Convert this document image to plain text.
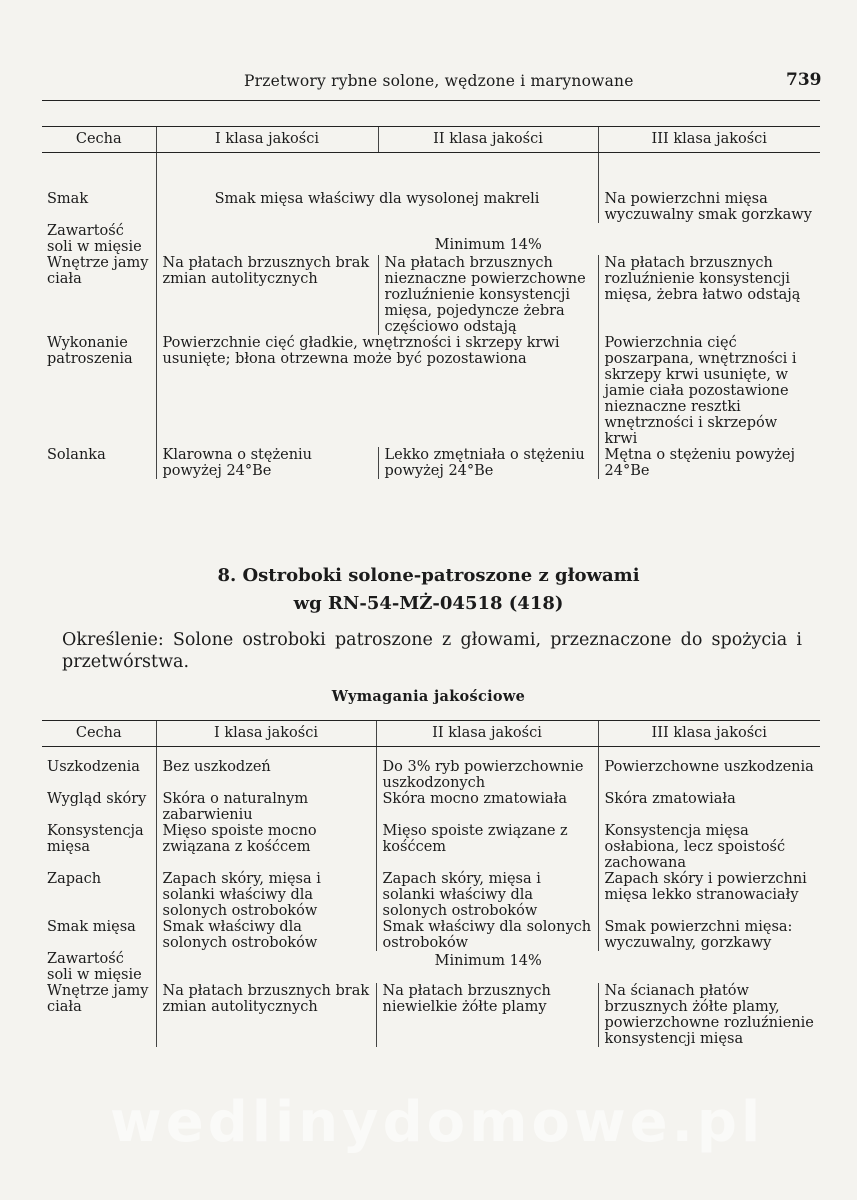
Przetwory rybne solone, wędzone i marynowane	739
Cecha	I klasa jakości	II klasa jakości	III klasa jakości
Smak	Smak mięsa właściwy dla wysolonej makreli		Na powierzchni mięsa wyczuwalny smak gorzkawy
Zawartość soli w mięsie	Minimum 14%		
Wnętrze jamy ciała	Na płatach brzusznych brak zmian autolitycznych	Na płatach brzusznych nieznaczne powierzchowne rozluźnienie konsystencji mięsa, pojedyncze żebra częściowo odstają	Na płatach brzusznych rozluźnienie konsystencji mięsa, żebra łatwo odstają
Wykonanie patroszenia	Powierzchnie cięć gładkie, wnętrzności i skrzepy krwi usunięte; błona otrzewna może być pozostawiona		Powierzchnia cięć poszarpana, wnętrzności i skrzepy krwi usunięte, w jamie ciała pozostawione nieznaczne resztki wnętrzności i skrzepów krwi
Solanka	Klarowna o stężeniu powyżej 24°Be	Lekko zmętniała o stężeniu powyżej 24°Be	Mętna o stężeniu powyżej 24°Be
8. Ostroboki solone-patroszone z głowami
wg RN-54-MŻ-04518 (418)
Określenie: Solone ostroboki patroszone z głowami, przeznaczone do spożycia i przetwórstwa.
Wymagania jakościowe
Cecha	I klasa jakości	II klasa jakości	III klasa jakości
Uszkodzenia	Bez uszkodzeń	Do 3% ryb powierzchownie uszkodzonych	Powierzchowne uszkodzenia
Wygląd skóry	Skóra o naturalnym zabarwieniu	Skóra mocno zmatowiała	Skóra zmatowiała
Konsystencja mięsa	Mięso spoiste mocno związana z kośćcem	Mięso spoiste związane z kośćcem	Konsystencja mięsa osłabiona, lecz spoistość zachowana
Zapach	Zapach skóry, mięsa i solanki właściwy dla solonych ostroboków	Zapach skóry, mięsa i solanki właściwy dla solonych ostroboków	Zapach skóry i powierzchni mięsa lekko stranowaciały
Smak mięsa	Smak właściwy dla solonych ostroboków	Smak właściwy dla solonych ostroboków	Smak powierzchni mięsa: wyczuwalny, gorzkawy
Zawartość soli w mięsie	Minimum 14%		
Wnętrze jamy ciała	Na płatach brzusznych brak zmian autolitycznych	Na płatach brzusznych niewielkie żółte plamy	Na ścianach płatów brzusznych żółte plamy, powierzchowne rozluźnienie konsystencji mięsa
wedlinydomowe.pl
